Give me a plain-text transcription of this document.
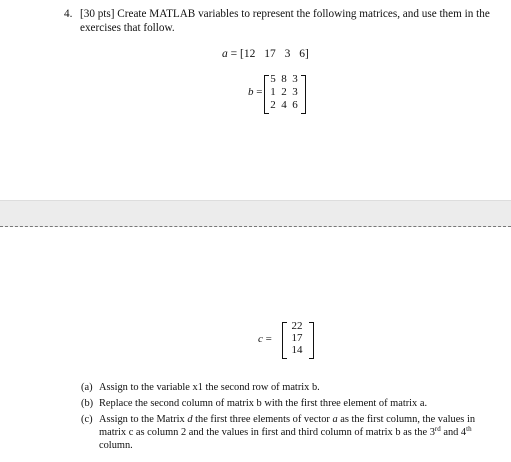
4. [30 pts] Create MATLAB variables to represent the following matrices, and use them in the exercises that follow.
a = [12 17 3 6]
b =
5 8 3
1 2 3
2 4 6
c =
22
17
14
(a) Assign to the variable x1 the second row of matrix b.
(b) Replace the second column of matrix b with the first three element of matrix a.
(c) Assign to the Matrix d the first three elements of vector a as the first column, the values in matrix c as column 2 and the values in first and third column of matrix b as the 3rd and 4th column.
